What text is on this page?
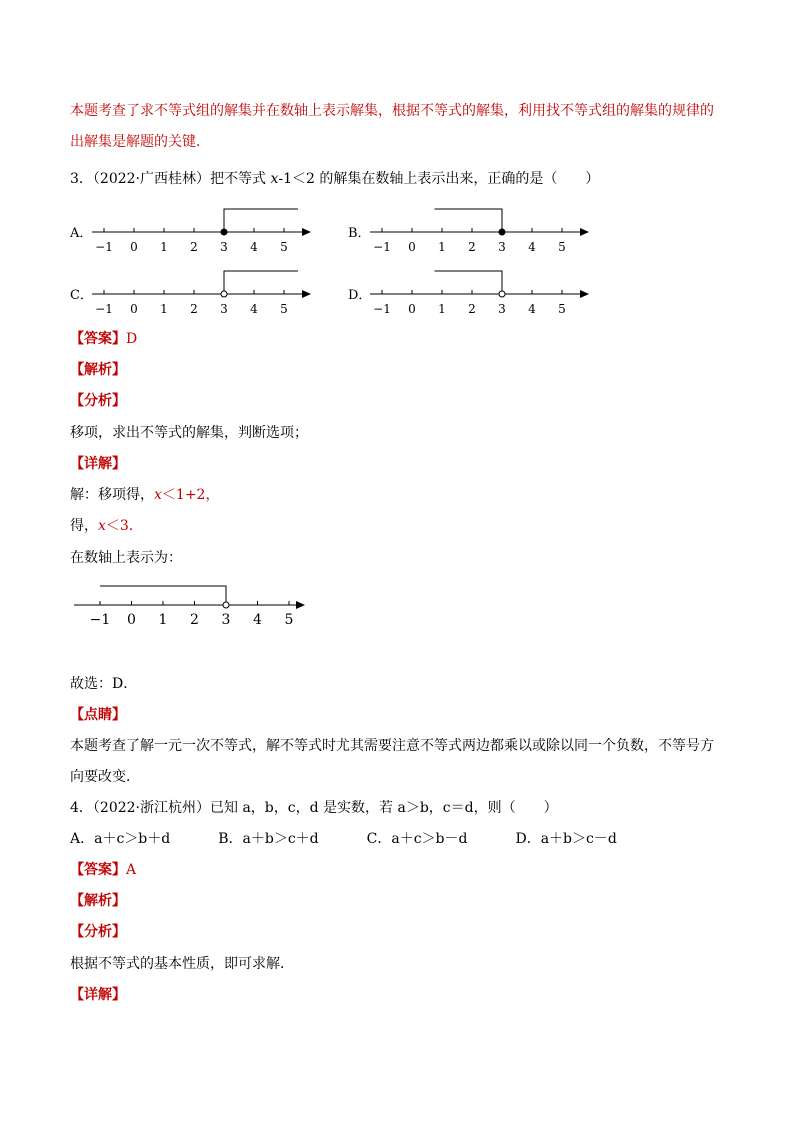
本题考查了求不等式组的解集并在数轴上表示解集，根据不等式的解集，利用找不等式组的解集的规律的
出解集是解题的关键．
3．（2022·广西桂林）把不等式 x-1＜2 的解集在数轴上表示出来，正确的是（　　）
A．
−1 0 1 2 3 4 5
B．
−1 0 1 2 3 4 5
C．
−1 0 1 2 3 4 5
D．
−1 0 1 2 3 4 5
【答案】D
【解析】
【分析】
移项，求出不等式的解集，判断选项；
【详解】
解：移项得，x＜1+2，
得，x＜3．
在数轴上表示为：
−1 0 1 2 3 4 5
故选：D．
【点睛】
本题考查了解一元一次不等式，解不等式时尤其需要注意不等式两边都乘以或除以同一个负数，不等号方
向要改变．
4．（2022·浙江杭州）已知 a，b，c，d 是实数，若 a＞b，c＝d，则（　　）
A．a＋c＞b＋d	B．a＋b＞c＋d	C．a＋c＞b－d	D．a＋b＞c－d
【答案】A
【解析】
【分析】
根据不等式的基本性质，即可求解．
【详解】
